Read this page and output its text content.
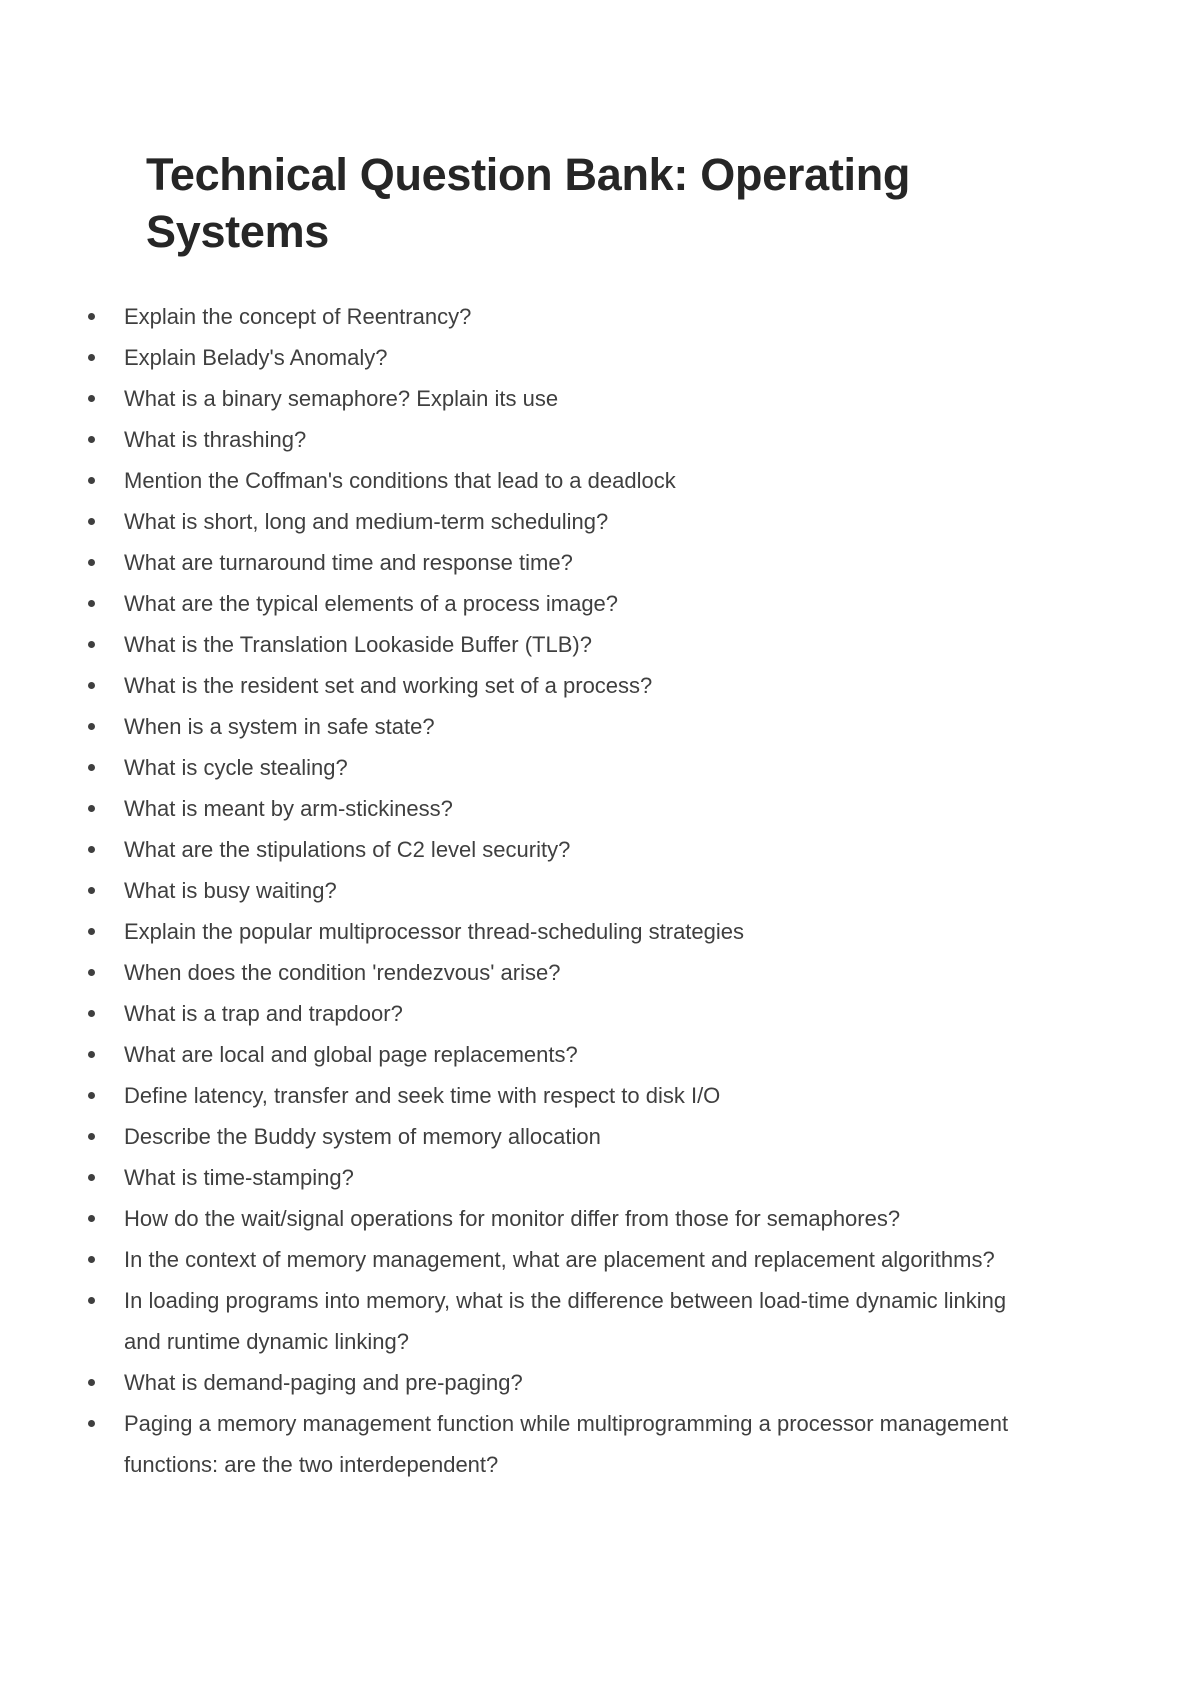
Technical Question Bank: Operating Systems
Explain the concept of Reentrancy?
Explain Belady's Anomaly?
What is a binary semaphore? Explain its use
What is thrashing?
Mention the Coffman's conditions that lead to a deadlock
What is short, long and medium-term scheduling?
What are turnaround time and response time?
What are the typical elements of a process image?
What is the Translation Lookaside Buffer (TLB)?
What is the resident set and working set of a process?
When is a system in safe state?
What is cycle stealing?
What is meant by arm-stickiness?
What are the stipulations of C2 level security?
What is busy waiting?
Explain the popular multiprocessor thread-scheduling strategies
When does the condition 'rendezvous' arise?
What is a trap and trapdoor?
What are local and global page replacements?
Define latency, transfer and seek time with respect to disk I/O
Describe the Buddy system of memory allocation
What is time-stamping?
How do the wait/signal operations for monitor differ from those for semaphores?
In the context of memory management, what are placement and replacement algorithms?
In loading programs into memory, what is the difference between load-time dynamic linking and runtime dynamic linking?
What is demand-paging and pre-paging?
Paging a memory management function while multiprogramming a processor management functions: are the two interdependent?
